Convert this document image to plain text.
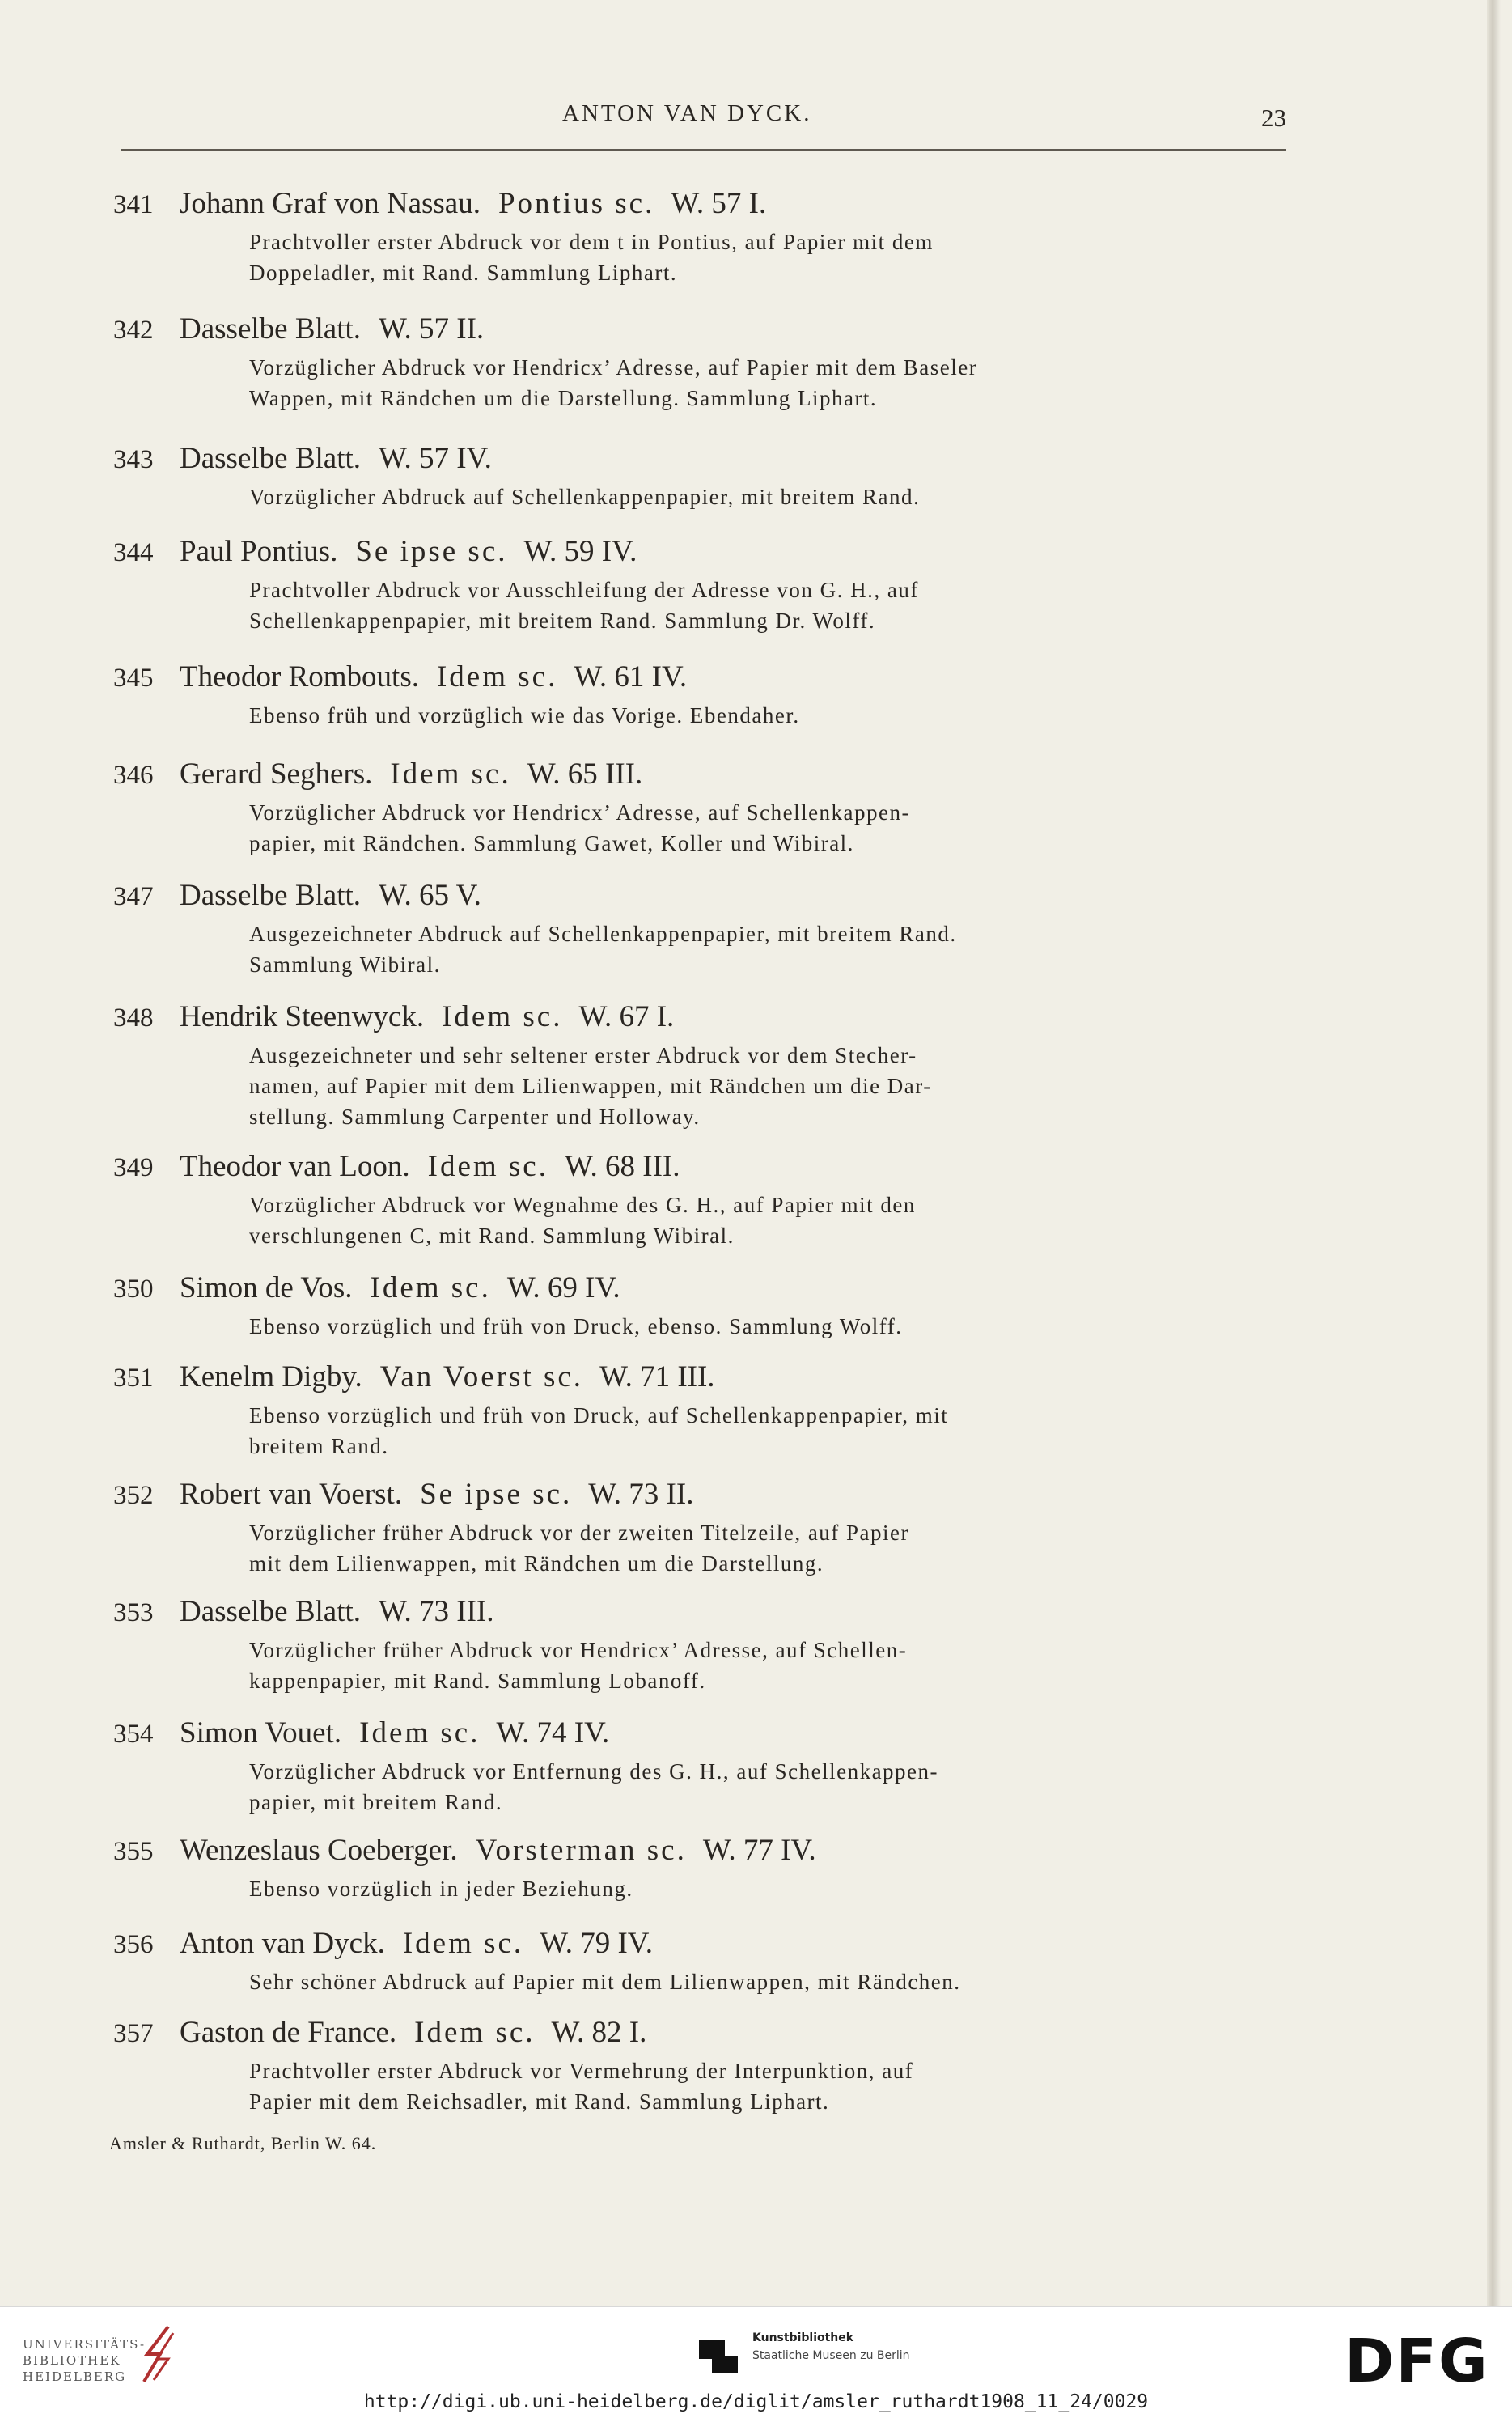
ANTON VAN DYCK.	23
341 Johann Graf von Nassau. Pontius sc. W. 57 I.
Prachtvoller erster Abdruck vor dem t in Pontius, auf Papier mit dem
Doppeladler, mit Rand. Sammlung Liphart.
342 Dasselbe Blatt. W. 57 II.
Vorzüglicher Abdruck vor Hendricx’ Adresse, auf Papier mit dem Baseler
Wappen, mit Rändchen um die Darstellung. Sammlung Liphart.
343 Dasselbe Blatt. W. 57 IV.
Vorzüglicher Abdruck auf Schellenkappenpapier, mit breitem Rand.
344 Paul Pontius. Se ipse sc. W. 59 IV.
Prachtvoller Abdruck vor Ausschleifung der Adresse von G. H., auf
Schellenkappenpapier, mit breitem Rand. Sammlung Dr. Wolff.
345 Theodor Rombouts. Idem sc. W. 61 IV.
Ebenso früh und vorzüglich wie das Vorige. Ebendaher.
346 Gerard Seghers. Idem sc. W. 65 III.
Vorzüglicher Abdruck vor Hendricx’ Adresse, auf Schellenkappen-
papier, mit Rändchen. Sammlung Gawet, Koller und Wibiral.
347 Dasselbe Blatt. W. 65 V.
Ausgezeichneter Abdruck auf Schellenkappenpapier, mit breitem Rand.
Sammlung Wibiral.
348 Hendrik Steenwyck. Idem sc. W. 67 I.
Ausgezeichneter und sehr seltener erster Abdruck vor dem Stecher-
namen, auf Papier mit dem Lilienwappen, mit Rändchen um die Dar-
stellung. Sammlung Carpenter und Holloway.
349 Theodor van Loon. Idem sc. W. 68 III.
Vorzüglicher Abdruck vor Wegnahme des G. H., auf Papier mit den
verschlungenen C, mit Rand. Sammlung Wibiral.
350 Simon de Vos. Idem sc. W. 69 IV.
Ebenso vorzüglich und früh von Druck, ebenso. Sammlung Wolff.
351 Kenelm Digby. Van Voerst sc. W. 71 III.
Ebenso vorzüglich und früh von Druck, auf Schellenkappenpapier, mit
breitem Rand.
352 Robert van Voerst. Se ipse sc. W. 73 II.
Vorzüglicher früher Abdruck vor der zweiten Titelzeile, auf Papier
mit dem Lilienwappen, mit Rändchen um die Darstellung.
353 Dasselbe Blatt. W. 73 III.
Vorzüglicher früher Abdruck vor Hendricx’ Adresse, auf Schellen-
kappenpapier, mit Rand. Sammlung Lobanoff.
354 Simon Vouet. Idem sc. W. 74 IV.
Vorzüglicher Abdruck vor Entfernung des G. H., auf Schellenkappen-
papier, mit breitem Rand.
355 Wenzeslaus Coeberger. Vorsterman sc. W. 77 IV.
Ebenso vorzüglich in jeder Beziehung.
356 Anton van Dyck. Idem sc. W. 79 IV.
Sehr schöner Abdruck auf Papier mit dem Lilienwappen, mit Rändchen.
357 Gaston de France. Idem sc. W. 82 I.
Prachtvoller erster Abdruck vor Vermehrung der Interpunktion, auf
Papier mit dem Reichsadler, mit Rand. Sammlung Liphart.
Amsler & Ruthardt, Berlin W. 64.
UNIVERSITÄTS-
BIBLIOTHEK
HEIDELBERG
Kunstbibliothek
Staatliche Museen zu Berlin	DFG
http://digi.ub.uni-heidelberg.de/diglit/amsler_ruthardt1908_11_24/0029
